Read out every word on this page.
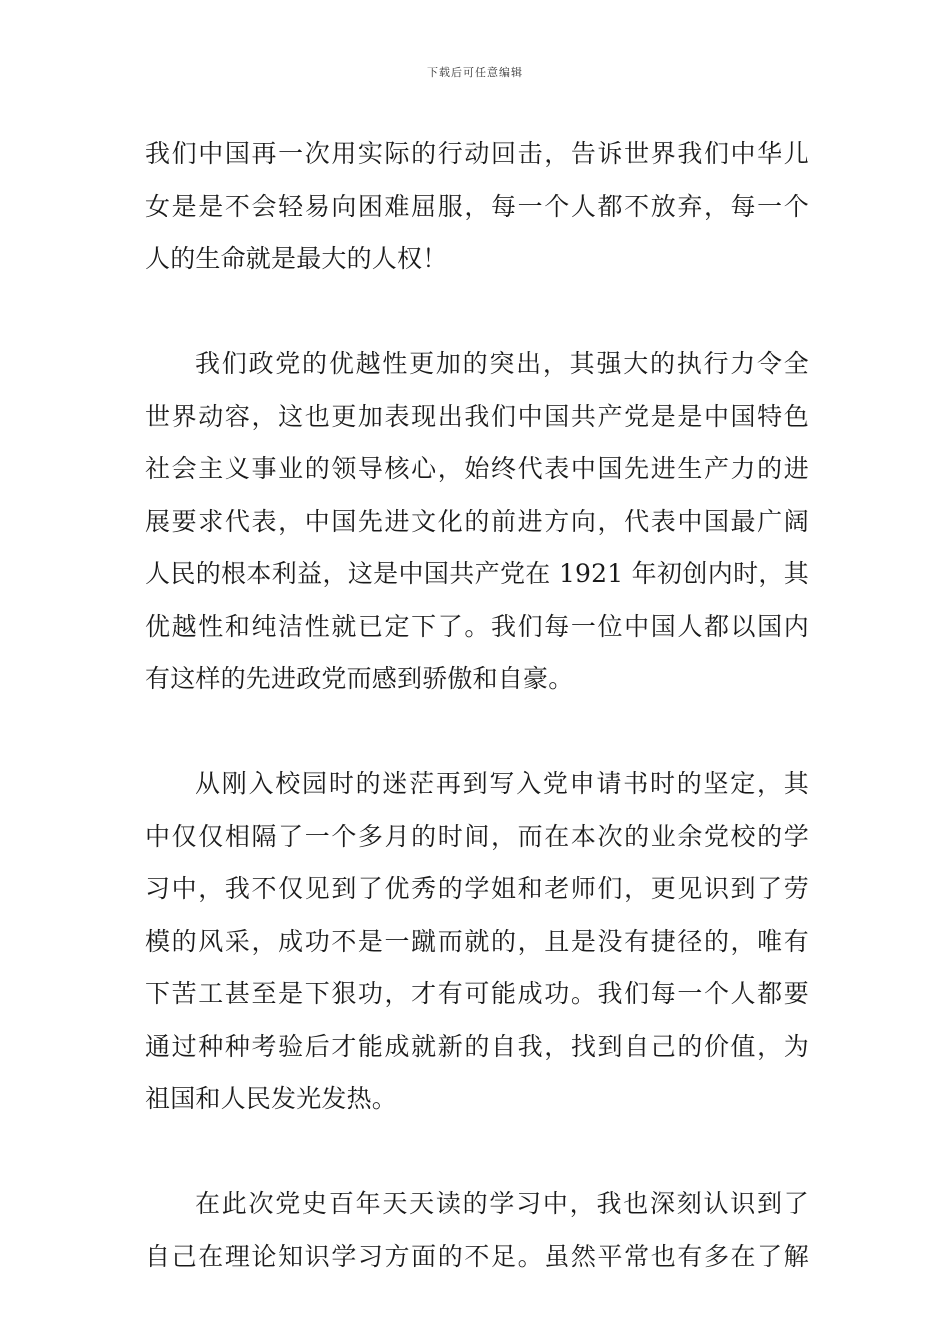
下载后可任意编辑
我们中国再一次用实际的行动回击，告诉世界我们中华儿
女是是不会轻易向困难屈服，每一个人都不放弃，每一个
人的生命就是最大的人权！
我们政党的优越性更加的突出，其强大的执行力令全
世界动容，这也更加表现出我们中国共产党是是中国特色
社会主义事业的领导核心，始终代表中国先进生产力的进
展要求代表，中国先进文化的前进方向，代表中国最广阔
人民的根本利益，这是中国共产党在 1921 年初创内时，其
优越性和纯洁性就已定下了。我们每一位中国人都以国内
有这样的先进政党而感到骄傲和自豪。
从刚入校园时的迷茫再到写入党申请书时的坚定，其
中仅仅相隔了一个多月的时间，而在本次的业余党校的学
习中，我不仅见到了优秀的学姐和老师们，更见识到了劳
模的风采，成功不是一蹴而就的，且是没有捷径的，唯有
下苦工甚至是下狠功，才有可能成功。我们每一个人都要
通过种种考验后才能成就新的自我，找到自己的价值，为
祖国和人民发光发热。
在此次党史百年天天读的学习中，我也深刻认识到了
自己在理论知识学习方面的不足。虽然平常也有多在了解
